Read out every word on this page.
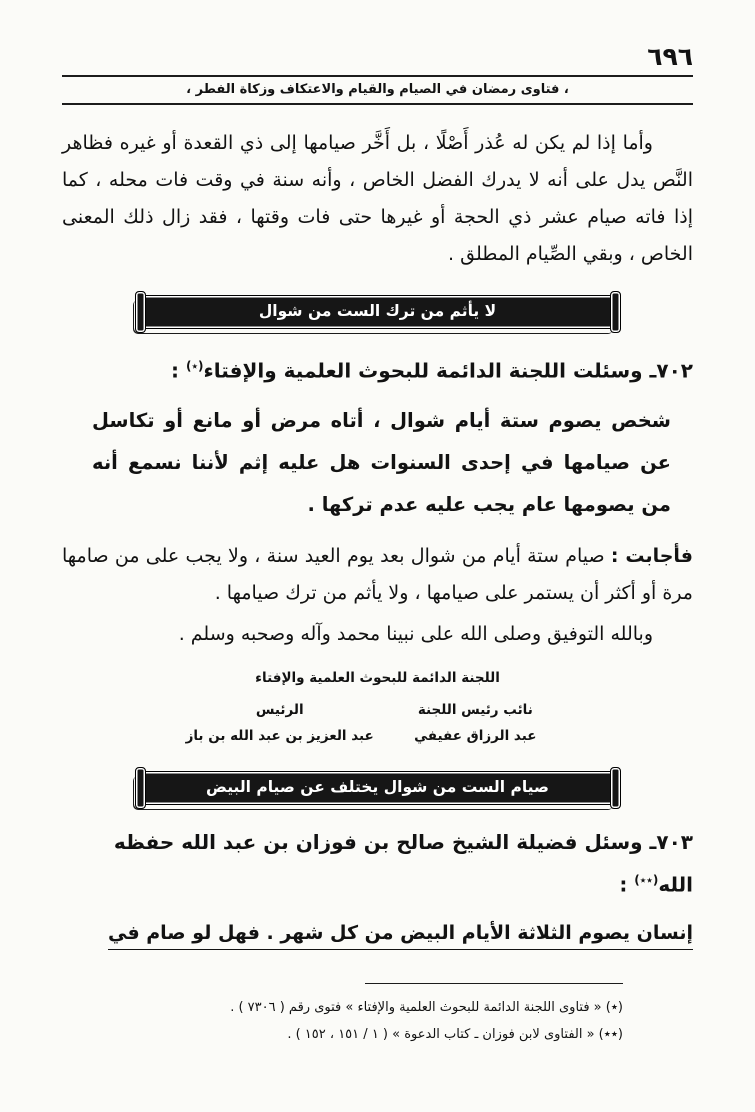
٦٩٦
، فتاوى رمضان في الصيام والقيام والاعتكاف وزكاة الفطر ،

وأما إذا لم يكن له عُذر أَصْلًا ، بل أَخَّر صيامها إلى ذي القعدة أو غيره فظاهر النَّص يدل على أنه لا يدرك الفضل الخاص ، وأنه سنة في وقت فات محله ، كما إذا فاته صيام عشر ذي الحجة أو غيرها حتى فات وقتها ، فقد زال ذلك المعنى الخاص ، وبقي الصِّيام المطلق .

لا يأثم من ترك الست من شوال

٧٠٢ـ وسئلت اللجنة الدائمة للبحوث العلمية والإفتاء(٭) :

شخص يصوم ستة أيام شوال ، أتاه مرض أو مانع أو تكاسل عن صيامها في إحدى السنوات هل عليه إثم لأننا نسمع أنه من يصومها عام يجب عليه عدم تركها .

فأجابت : صيام ستة أيام من شوال بعد يوم العيد سنة ، ولا يجب على من صامها مرة أو أكثر أن يستمر على صيامها ، ولا يأثم من ترك صيامها .

وبالله التوفيق وصلى الله على نبينا محمد وآله وصحبه وسلم .

اللجنة الدائمة للبحوث العلمية والإفتاء
نائب رئيس اللجنة
الرئيس
عبد الرزاق عفيفي
عبد العزيز بن عبد الله بن باز
صيام الست من شوال يختلف عن صيام البيض

٧٠٣ـ وسئل فضيلة الشيخ صالح بن فوزان بن عبد الله حفظه الله(٭٭) :

إنسان يصوم الثلاثة الأيام البيض من كل شهر . فهل لو صام في

(٭) « فتاوى اللجنة الدائمة للبحوث العلمية والإفتاء » فتوى رقم ( ٧٣٠٦ ) .

(٭٭) « الفتاوى لابن فوزان ـ كتاب الدعوة » ( ١ / ١٥١ ، ١٥٢ ) .
